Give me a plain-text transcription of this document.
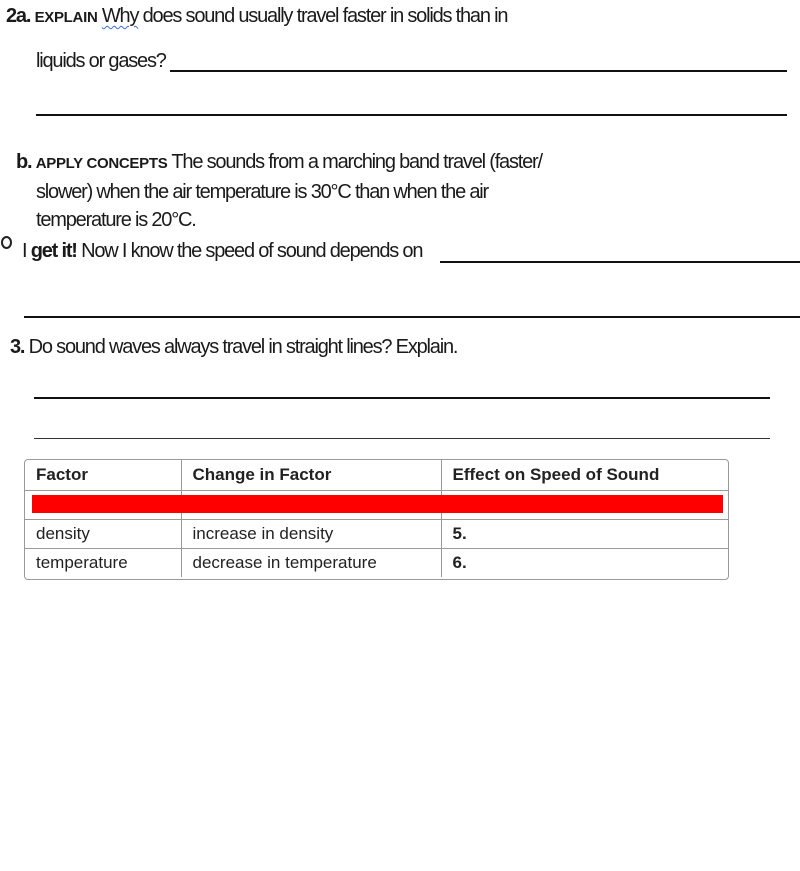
2a. EXPLAIN Why does sound usually travel faster in solids than in
liquids or gases?
b. APPLY CONCEPTS The sounds from a marching band travel (faster/
slower) when the air temperature is 30°C than when the air
temperature is 20°C.
I get it! Now I know the speed of sound depends on
3. Do sound waves always travel in straight lines? Explain.
Factor	Change in Factor	Effect on Speed of Sound

density	increase in density	5.
temperature	decrease in temperature	6.
